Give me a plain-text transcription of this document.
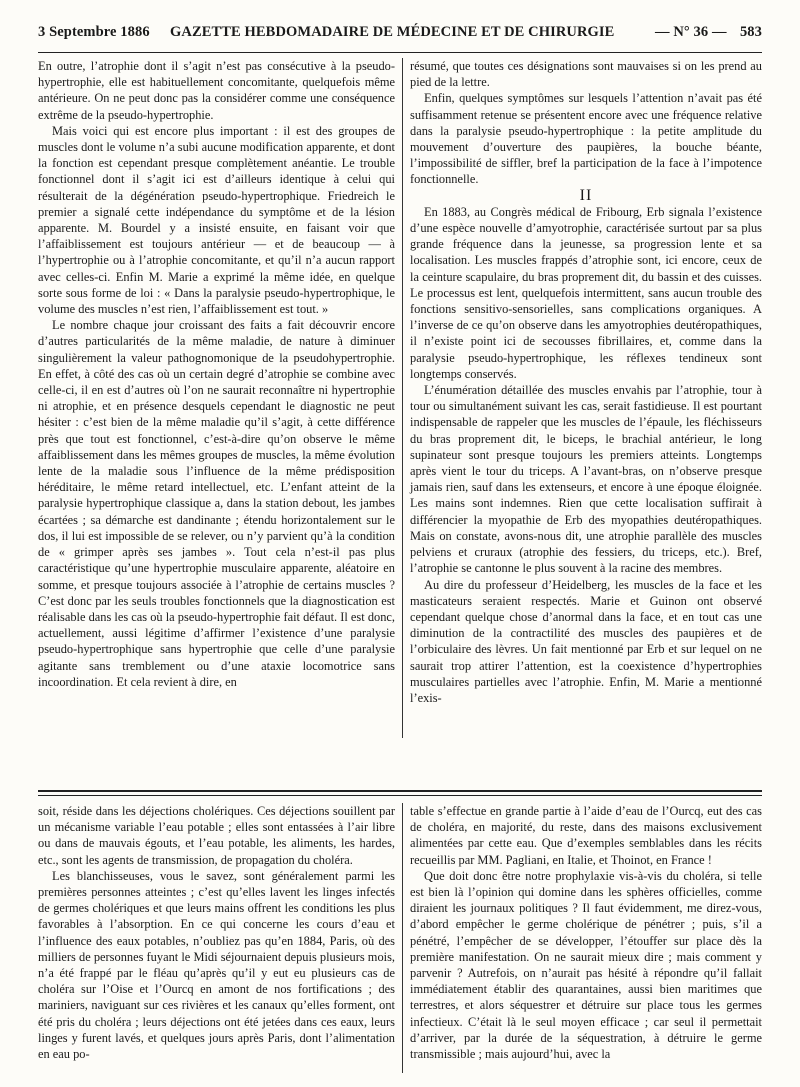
3 Septembre 1886 GAZETTE HEBDOMADAIRE DE MÉDECINE ET DE CHIRURGIE	— N° 36 — 583

En outre, l’atrophie dont il s’agit n’est pas consécutive à la pseudo-hypertrophie, elle est habituellement concomitante, quelquefois même antérieure. On ne peut donc pas la considérer comme une conséquence extrême de la pseudo-hypertrophie.

Mais voici qui est encore plus important : il est des groupes de muscles dont le volume n’a subi aucune modification apparente, et dont la fonction est cependant presque complètement anéantie. Le trouble fonctionnel dont il s’agit ici est d’ailleurs identique à celui qui résulterait de la dégénération pseudo-hypertrophique. Friedreich le premier a signalé cette indépendance du symptôme et de la lésion apparente. M. Bourdel y a insisté ensuite, en faisant voir que l’affaiblissement est toujours antérieur — et de beaucoup — à l’hypertrophie ou à l’atrophie concomitante, et qu’il n’a aucun rapport avec celles-ci. Enfin M. Marie a exprimé la même idée, en quelque sorte sous forme de loi : « Dans la paralysie pseudo-hypertrophique, le volume des muscles n’est rien, l’affaiblissement est tout. »

Le nombre chaque jour croissant des faits a fait découvrir encore d’autres particularités de la même maladie, de nature à diminuer singulièrement la valeur pathognomonique de la pseudohypertrophie. En effet, à côté des cas où un certain degré d’atrophie se combine avec celle-ci, il en est d’autres où l’on ne saurait reconnaître ni hypertrophie ni atrophie, et en présence desquels cependant le diagnostic ne peut hésiter : c’est bien de la même maladie qu’il s’agit, à cette différence près que tout est fonctionnel, c’est-à-dire qu’on observe le même affaiblissement dans les mêmes groupes de muscles, la même évolution lente de la maladie sous l’influence de la même prédisposition héréditaire, le même retard intellectuel, etc. L’enfant atteint de la paralysie hypertrophique classique a, dans la station debout, les jambes écartées ; sa démarche est dandinante ; étendu horizontalement sur le dos, il lui est impossible de se relever, ou n’y parvient qu’à la condition de « grimper après ses jambes ». Tout cela n’est-il pas plus caractéristique qu’une hypertrophie musculaire apparente, aléatoire en somme, et presque toujours associée à l’atrophie de certains muscles ? C’est donc par les seuls troubles fonctionnels que la diagnostication est réalisable dans les cas où la pseudo-hypertrophie fait défaut. Il est donc, actuellement, aussi légitime d’affirmer l’existence d’une paralysie pseudo-hypertrophique sans hypertrophie que celle d’une paralysie agitante sans tremblement ou d’une ataxie locomotrice sans incoordination. Et cela revient à dire, en

résumé, que toutes ces désignations sont mauvaises si on les prend au pied de la lettre.

Enfin, quelques symptômes sur lesquels l’attention n’avait pas été suffisamment retenue se présentent encore avec une fréquence relative dans la paralysie pseudo-hypertrophique : la petite amplitude du mouvement d’ouverture des paupières, la bouche béante, l’impossibilité de siffler, bref la participation de la face à l’impotence fonctionnelle.

II

En 1883, au Congrès médical de Fribourg, Erb signala l’existence d’une espèce nouvelle d’amyotrophie, caractérisée surtout par sa plus grande fréquence dans la jeunesse, sa progression lente et sa localisation. Les muscles frappés d’atrophie sont, ici encore, ceux de la ceinture scapulaire, du bras proprement dit, du bassin et des cuisses. Le processus est lent, quelquefois intermittent, sans aucun trouble des fonctions sensitivo-sensorielles, sans complications organiques. A l’inverse de ce qu’on observe dans les amyotrophies deutéropathiques, il n’existe point ici de secousses fibrillaires, et, comme dans la paralysie pseudo-hypertrophique, les réflexes tendineux sont longtemps conservés.

L’énumération détaillée des muscles envahis par l’atrophie, tour à tour ou simultanément suivant les cas, serait fastidieuse. Il est pourtant indispensable de rappeler que les muscles de l’épaule, les fléchisseurs du bras proprement dit, le biceps, le brachial antérieur, le long supinateur sont presque toujours les premiers atteints. Longtemps après vient le tour du triceps. A l’avant-bras, on n’observe presque jamais rien, sauf dans les extenseurs, et encore à une époque éloignée. Les mains sont indemnes. Rien que cette localisation suffirait à différencier la myopathie de Erb des myopathies deutéropathiques. Mais on constate, avons-nous dit, une atrophie parallèle des muscles pelviens et cruraux (atrophie des fessiers, du triceps, etc.). Bref, l’atrophie se cantonne le plus souvent à la racine des membres.

Au dire du professeur d’Heidelberg, les muscles de la face et les masticateurs seraient respectés. Marie et Guinon ont observé cependant quelque chose d’anormal dans la face, et en tout cas une diminution de la contractilité des muscles des paupières et de l’orbiculaire des lèvres. Un fait mentionné par Erb et sur lequel on ne saurait trop attirer l’attention, est la coexistence d’hypertrophies musculaires partielles avec l’atrophie. Enfin, M. Marie a mentionné l’exis-

soit, réside dans les déjections cholériques. Ces déjections souillent par un mécanisme variable l’eau potable ; elles sont entassées à l’air libre ou dans de mauvais égouts, et l’eau potable, les aliments, les hardes, etc., sont les agents de transmission, de propagation du choléra.

Les blanchisseuses, vous le savez, sont généralement parmi les premières personnes atteintes ; c’est qu’elles lavent les linges infectés de germes cholériques et que leurs mains offrent les conditions les plus favorables à l’absorption. En ce qui concerne les cours d’eau et l’influence des eaux potables, n’oubliez pas qu’en 1884, Paris, où des milliers de personnes fuyant le Midi séjournaient depuis plusieurs mois, n’a été frappé par le fléau qu’après qu’il y eut eu plusieurs cas de choléra sur l’Oise et l’Ourcq en amont de nos fortifications ; des mariniers, naviguant sur ces rivières et les canaux qu’elles forment, ont été pris du choléra ; leurs déjections ont été jetées dans ces eaux, leurs linges y furent lavés, et quelques jours après Paris, dont l’alimentation en eau po-

table s’effectue en grande partie à l’aide d’eau de l’Ourcq, eut des cas de choléra, en majorité, du reste, dans des maisons exclusivement alimentées par cette eau. Que d’exemples semblables dans les récits recueillis par MM. Pagliani, en Italie, et Thoinot, en France !

Que doit donc être notre prophylaxie vis-à-vis du choléra, si telle est bien là l’opinion qui domine dans les sphères officielles, comme diraient les journaux politiques ? Il faut évidemment, me direz-vous, d’abord empêcher le germe cholérique de pénétrer ; puis, s’il a pénétré, l’empêcher de se développer, l’étouffer sur place dès la première manifestation. On ne saurait mieux dire ; mais comment y parvenir ? Autrefois, on n’aurait pas hésité à répondre qu’il fallait immédiatement établir des quarantaines, aussi bien maritimes que terrestres, et alors séquestrer et détruire sur place tous les germes infectieux. C’était là le seul moyen efficace ; car seul il permettait d’arriver, par la durée de la séquestration, à détruire le germe transmissible ; mais aujourd’hui, avec la
